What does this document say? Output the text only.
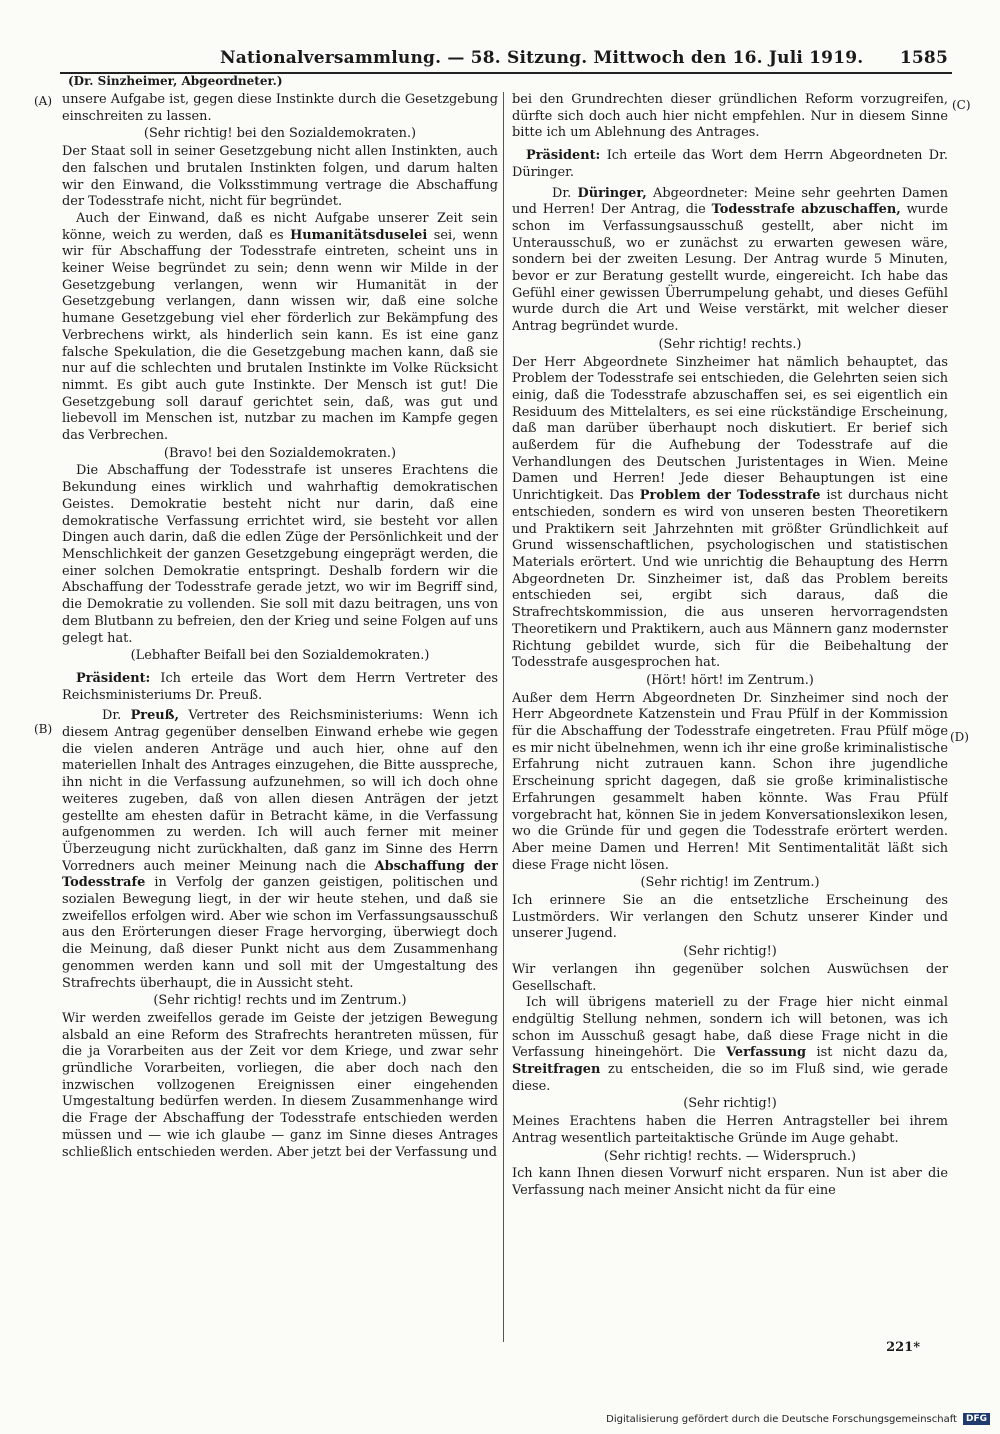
Nationalversammlung. — 58. Sitzung. Mittwoch den 16. Juli 1919. 1585
(Dr. Sinzheimer, Abgeordneter.)
(A)
(B)
(C)
(D)

unsere Aufgabe ist, gegen diese Instinkte durch die Gesetzgebung einschreiten zu lassen.

(Sehr richtig! bei den Sozialdemokraten.)

Der Staat soll in seiner Gesetzgebung nicht allen Instinkten, auch den falschen und brutalen Instinkten folgen, und darum halten wir den Einwand, die Volksstimmung vertrage die Abschaffung der Todesstrafe nicht, nicht für begründet.

Auch der Einwand, daß es nicht Aufgabe unserer Zeit sein könne, weich zu werden, daß es Humanitätsduselei sei, wenn wir für Abschaffung der Todesstrafe eintreten, scheint uns in keiner Weise begründet zu sein; denn wenn wir Milde in der Gesetzgebung verlangen, wenn wir Humanität in der Gesetzgebung verlangen, dann wissen wir, daß eine solche humane Gesetzgebung viel eher förderlich zur Bekämpfung des Verbrechens wirkt, als hinderlich sein kann. Es ist eine ganz falsche Spekulation, die die Gesetzgebung machen kann, daß sie nur auf die schlechten und brutalen Instinkte im Volke Rücksicht nimmt. Es gibt auch gute Instinkte. Der Mensch ist gut! Die Gesetzgebung soll darauf gerichtet sein, daß, was gut und liebevoll im Menschen ist, nutzbar zu machen im Kampfe gegen das Verbrechen.

(Bravo! bei den Sozialdemokraten.)

Die Abschaffung der Todesstrafe ist unseres Erachtens die Bekundung eines wirklich und wahrhaftig demokratischen Geistes. Demokratie besteht nicht nur darin, daß eine demokratische Verfassung errichtet wird, sie besteht vor allen Dingen auch darin, daß die edlen Züge der Persönlichkeit und der Menschlichkeit der ganzen Gesetzgebung eingeprägt werden, die einer solchen Demokratie entspringt. Deshalb fordern wir die Abschaffung der Todesstrafe gerade jetzt, wo wir im Begriff sind, die Demokratie zu vollenden. Sie soll mit dazu beitragen, uns von dem Blutbann zu befreien, den der Krieg und seine Folgen auf uns gelegt hat.

(Lebhafter Beifall bei den Sozialdemokraten.)

Präsident: Ich erteile das Wort dem Herrn Vertreter des Reichsministeriums Dr. Preuß.

Dr. Preuß, Vertreter des Reichsministeriums: Wenn ich diesem Antrag gegenüber denselben Einwand erhebe wie gegen die vielen anderen Anträge und auch hier, ohne auf den materiellen Inhalt des Antrages einzugehen, die Bitte ausspreche, ihn nicht in die Verfassung aufzunehmen, so will ich doch ohne weiteres zugeben, daß von allen diesen Anträgen der jetzt gestellte am ehesten dafür in Betracht käme, in die Verfassung aufgenommen zu werden. Ich will auch ferner mit meiner Überzeugung nicht zurückhalten, daß ganz im Sinne des Herrn Vorredners auch meiner Meinung nach die Abschaffung der Todesstrafe in Verfolg der ganzen geistigen, politischen und sozialen Bewegung liegt, in der wir heute stehen, und daß sie zweifellos erfolgen wird. Aber wie schon im Verfassungsausschuß aus den Erörterungen dieser Frage hervorging, überwiegt doch die Meinung, daß dieser Punkt nicht aus dem Zusammenhang genommen werden kann und soll mit der Umgestaltung des Strafrechts überhaupt, die in Aussicht steht.

(Sehr richtig! rechts und im Zentrum.)

Wir werden zweifellos gerade im Geiste der jetzigen Bewegung alsbald an eine Reform des Strafrechts herantreten müssen, für die ja Vorarbeiten aus der Zeit vor dem Kriege, und zwar sehr gründliche Vorarbeiten, vorliegen, die aber doch nach den inzwischen vollzogenen Ereignissen einer eingehenden Umgestaltung bedürfen werden. In diesem Zusammenhange wird die Frage der Abschaffung der Todesstrafe entschieden werden müssen und — wie ich glaube — ganz im Sinne dieses Antrages schließlich entschieden werden. Aber jetzt bei der Verfassung und

bei den Grundrechten dieser gründlichen Reform vorzugreifen, dürfte sich doch auch hier nicht empfehlen. Nur in diesem Sinne bitte ich um Ablehnung des Antrages.

Präsident: Ich erteile das Wort dem Herrn Abgeordneten Dr. Düringer.

Dr. Düringer, Abgeordneter: Meine sehr geehrten Damen und Herren! Der Antrag, die Todesstrafe abzuschaffen, wurde schon im Verfassungsausschuß gestellt, aber nicht im Unterausschuß, wo er zunächst zu erwarten gewesen wäre, sondern bei der zweiten Lesung. Der Antrag wurde 5 Minuten, bevor er zur Beratung gestellt wurde, eingereicht. Ich habe das Gefühl einer gewissen Überrumpelung gehabt, und dieses Gefühl wurde durch die Art und Weise verstärkt, mit welcher dieser Antrag begründet wurde.

(Sehr richtig! rechts.)

Der Herr Abgeordnete Sinzheimer hat nämlich behauptet, das Problem der Todesstrafe sei entschieden, die Gelehrten seien sich einig, daß die Todesstrafe abzuschaffen sei, es sei eigentlich ein Residuum des Mittelalters, es sei eine rückständige Erscheinung, daß man darüber überhaupt noch diskutiert. Er berief sich außerdem für die Aufhebung der Todesstrafe auf die Verhandlungen des Deutschen Juristentages in Wien. Meine Damen und Herren! Jede dieser Behauptungen ist eine Unrichtigkeit. Das Problem der Todesstrafe ist durchaus nicht entschieden, sondern es wird von unseren besten Theoretikern und Praktikern seit Jahrzehnten mit größter Gründlichkeit auf Grund wissenschaftlichen, psychologischen und statistischen Materials erörtert. Und wie unrichtig die Behauptung des Herrn Abgeordneten Dr. Sinzheimer ist, daß das Problem bereits entschieden sei, ergibt sich daraus, daß die Strafrechtskommission, die aus unseren hervorragendsten Theoretikern und Praktikern, auch aus Männern ganz modernster Richtung gebildet wurde, sich für die Beibehaltung der Todesstrafe ausgesprochen hat.

(Hört! hört! im Zentrum.)

Außer dem Herrn Abgeordneten Dr. Sinzheimer sind noch der Herr Abgeordnete Katzenstein und Frau Pfülf in der Kommission für die Abschaffung der Todesstrafe eingetreten. Frau Pfülf möge es mir nicht übelnehmen, wenn ich ihr eine große kriminalistische Erfahrung nicht zutrauen kann. Schon ihre jugendliche Erscheinung spricht dagegen, daß sie große kriminalistische Erfahrungen gesammelt haben könnte. Was Frau Pfülf vorgebracht hat, können Sie in jedem Konversationslexikon lesen, wo die Gründe für und gegen die Todesstrafe erörtert werden. Aber meine Damen und Herren! Mit Sentimentalität läßt sich diese Frage nicht lösen.

(Sehr richtig! im Zentrum.)

Ich erinnere Sie an die entsetzliche Erscheinung des Lustmörders. Wir verlangen den Schutz unserer Kinder und unserer Jugend.

(Sehr richtig!)

Wir verlangen ihn gegenüber solchen Auswüchsen der Gesellschaft.

Ich will übrigens materiell zu der Frage hier nicht einmal endgültig Stellung nehmen, sondern ich will betonen, was ich schon im Ausschuß gesagt habe, daß diese Frage nicht in die Verfassung hineingehört. Die Verfassung ist nicht dazu da, Streitfragen zu entscheiden, die so im Fluß sind, wie gerade diese.

(Sehr richtig!)

Meines Erachtens haben die Herren Antragsteller bei ihrem Antrag wesentlich parteitaktische Gründe im Auge gehabt.

(Sehr richtig! rechts. — Widerspruch.)

Ich kann Ihnen diesen Vorwurf nicht ersparen. Nun ist aber die Verfassung nach meiner Ansicht nicht da für eine

221*
Digitalisierung gefördert durch die Deutsche Forschungsgemeinschaft	DFG
